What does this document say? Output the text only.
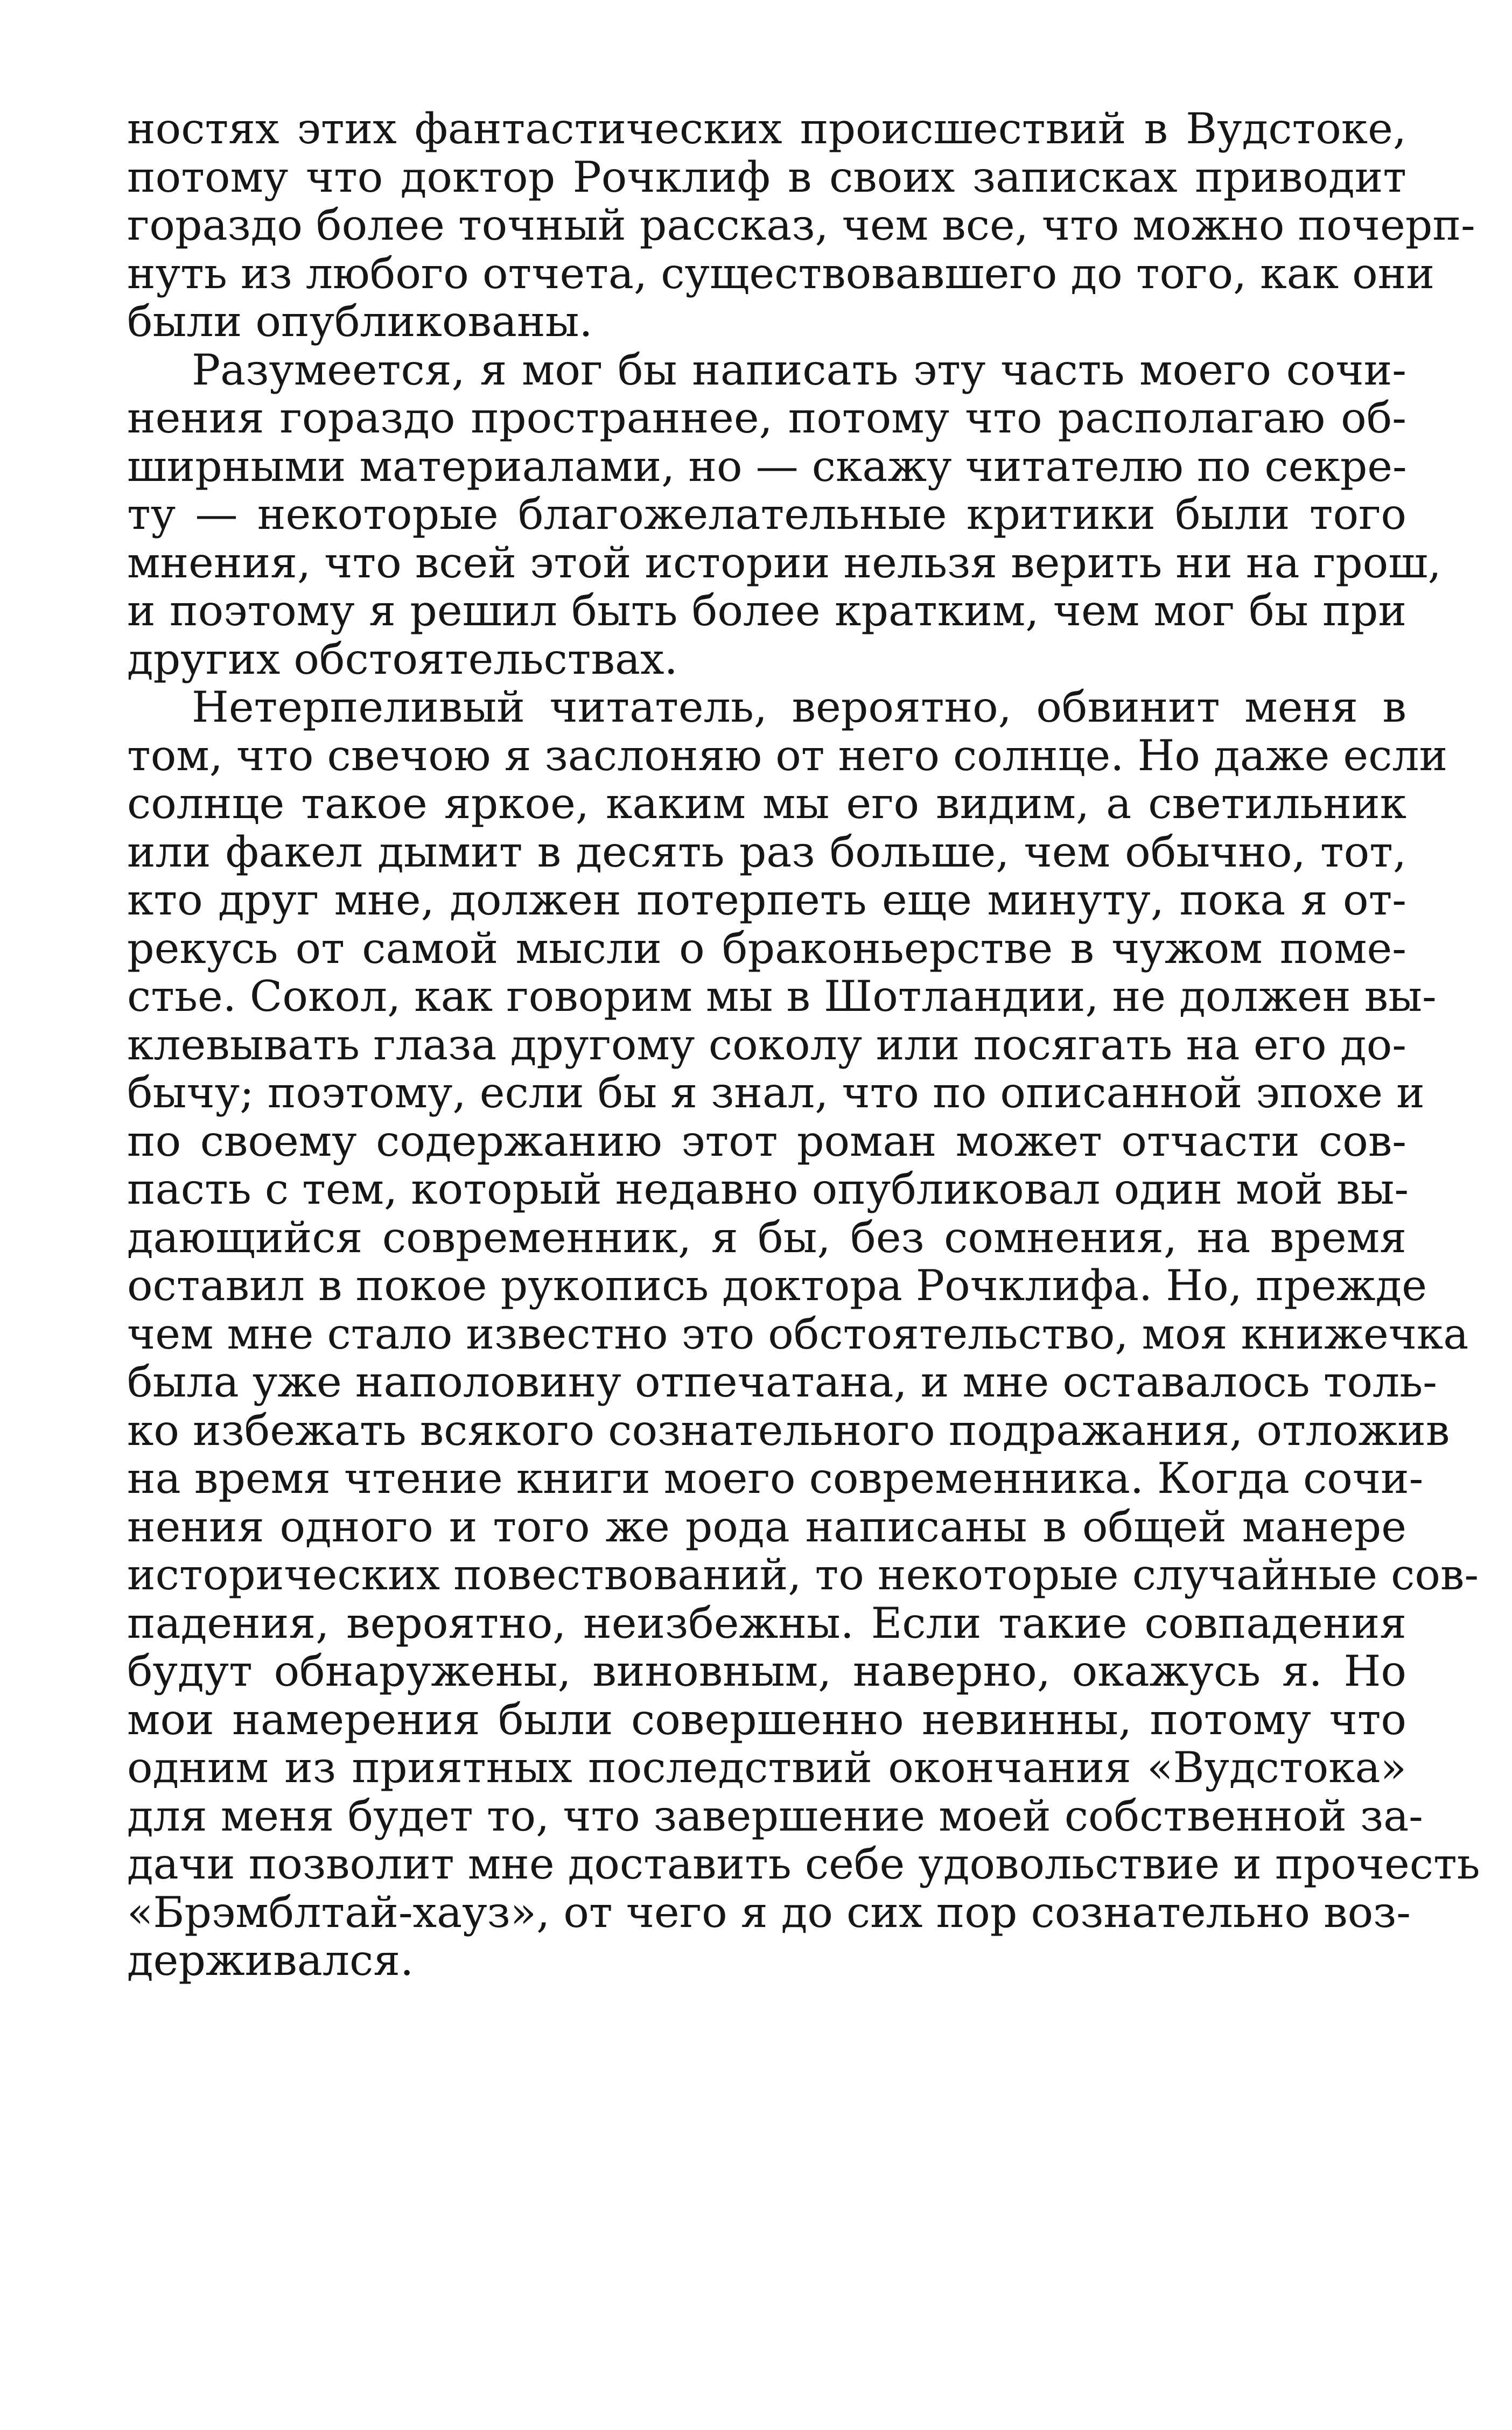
ностях этих фантастических происшествий в Вудстоке,
потому что доктор Рочклиф в своих записках приводит
гораздо более точный рассказ, чем все, что можно почерп-
нуть из любого отчета, существовавшего до того, как они
были опубликованы.
Разумеется, я мог бы написать эту часть моего сочи-
нения гораздо пространнее, потому что располагаю об-
ширными материалами, но — скажу читателю по секре-
ту — некоторые благожелательные критики были того
мнения, что всей этой истории нельзя верить ни на грош,
и поэтому я решил быть более кратким, чем мог бы при
других обстоятельствах.
Нетерпеливый читатель, вероятно, обвинит меня в
том, что свечою я заслоняю от него солнце. Но даже если
солнце такое яркое, каким мы его видим, а светильник
или факел дымит в десять раз больше, чем обычно, тот,
кто друг мне, должен потерпеть еще минуту, пока я от-
рекусь от самой мысли о браконьерстве в чужом поме-
стье. Сокол, как говорим мы в Шотландии, не должен вы-
клевывать глаза другому соколу или посягать на его до-
бычу; поэтому, если бы я знал, что по описанной эпохе и
по своему содержанию этот роман может отчасти сов-
пасть с тем, который недавно опубликовал один мой вы-
дающийся современник, я бы, без сомнения, на время
оставил в покое рукопись доктора Рочклифа. Но, прежде
чем мне стало известно это обстоятельство, моя книжечка
была уже наполовину отпечатана, и мне оставалось толь-
ко избежать всякого сознательного подражания, отложив
на время чтение книги моего современника. Когда сочи-
нения одного и того же рода написаны в общей манере
исторических повествований, то некоторые случайные сов-
падения, вероятно, неизбежны. Если такие совпадения
будут обнаружены, виновным, наверно, окажусь я. Но
мои намерения были совершенно невинны, потому что
одним из приятных последствий окончания «Вудстока»
для меня будет то, что завершение моей собственной за-
дачи позволит мне доставить себе удовольствие и прочесть
«Брэмблтай-хауз», от чего я до сих пор сознательно воз-
держивался.
